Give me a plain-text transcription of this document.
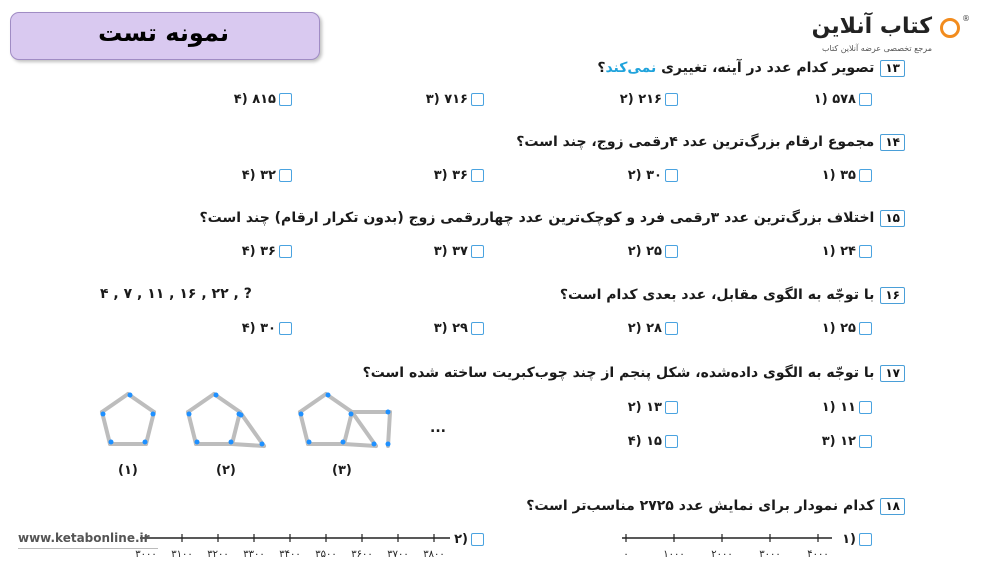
نمونه تست	کتاب آنلاین
مرجع تخصصی عرضه آنلاین کتاب
®
۱۳تصویر کدام عدد در آینه، تغییری نمی‌کند؟
۵۷۸ (۱
۲۱۶ (۲
۷۱۶ (۳
۸۱۵ (۴
۱۴مجموع ارقام بزرگ‌ترین عدد ۴رقمی زوج، چند است؟
۳۵ (۱
۳۰ (۲
۳۶ (۳
۳۲ (۴
۱۵اختلاف بزرگ‌ترین عدد ۳رقمی فرد و کوچک‌ترین عدد چهاررقمی زوج (بدون تکرار ارقام) چند است؟
۲۴ (۱
۲۵ (۲
۳۷ (۳
۳۶ (۴
۱۶با توجّه به الگوی مقابل، عدد بعدی کدام است؟
۴ , ۷ , ۱۱ , ۱۶ , ۲۲ , ?
۲۵ (۱
۲۸ (۲
۲۹ (۳
۳۰ (۴
۱۷با توجّه به الگوی داده‌شده، شکل پنجم از چند چوب‌کبریت ساخته شده است؟
۱۱ (۱
۱۳ (۲
۱۲ (۳
۱۵ (۴
(۱)	(۲)	(۳)
...
۱۸کدام نمودار برای نمایش عدد ۲۷۲۵ مناسب‌تر است؟
(۱
(۲
۰	۱۰۰۰	۲۰۰۰	۳۰۰۰	۴۰۰۰
۳۰۰۰ ۳۱۰۰ ۳۲۰۰ ۳۳۰۰ ۳۴۰۰ ۳۵۰۰ ۳۶۰۰ ۳۷۰۰ ۳۸۰۰
www.ketabonline.ir
